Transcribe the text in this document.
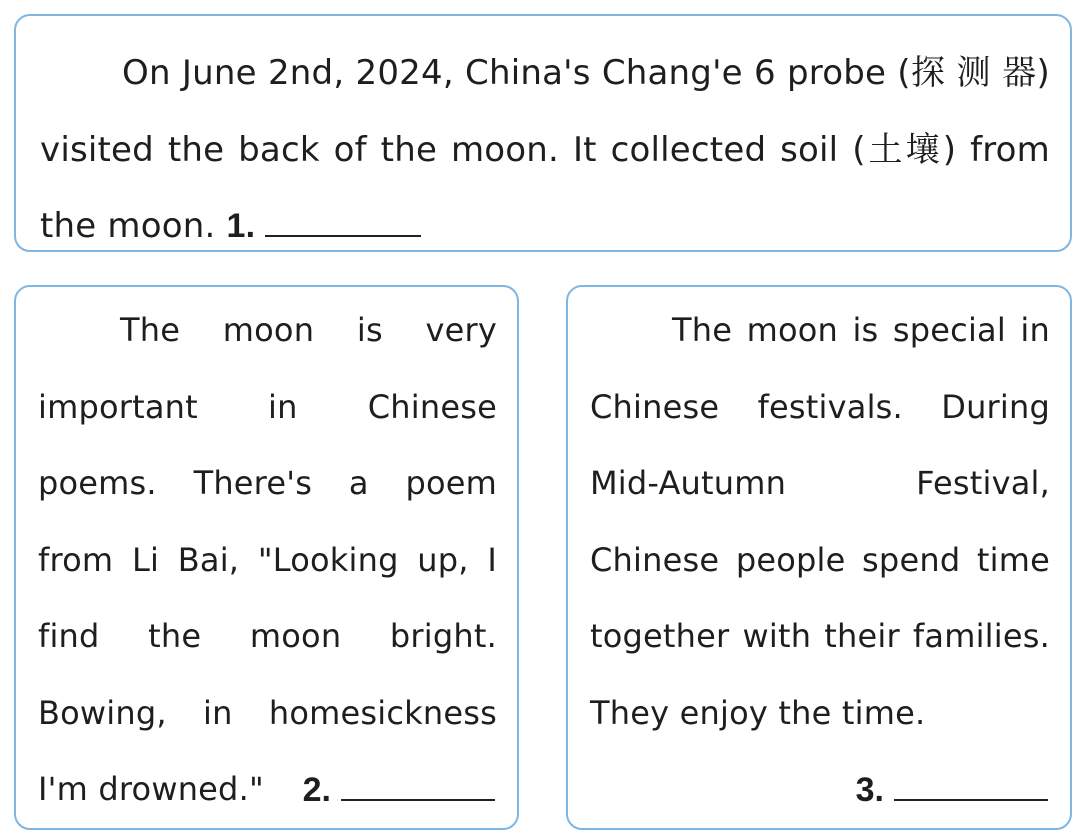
On June 2nd, 2024, China's Chang'e 6 probe (探 测 器) visited the back of the moon. It collected soil (土壤) from the moon. 1.

The moon is very important in Chinese poems. There's a poem from Li Bai, "Looking up, I find the moon bright. Bowing, in homesickness I'm drowned."	2.

The moon is special in Chinese festivals. During Mid-Autumn Festival, Chinese people spend time together with their families. They enjoy the time.

3.
